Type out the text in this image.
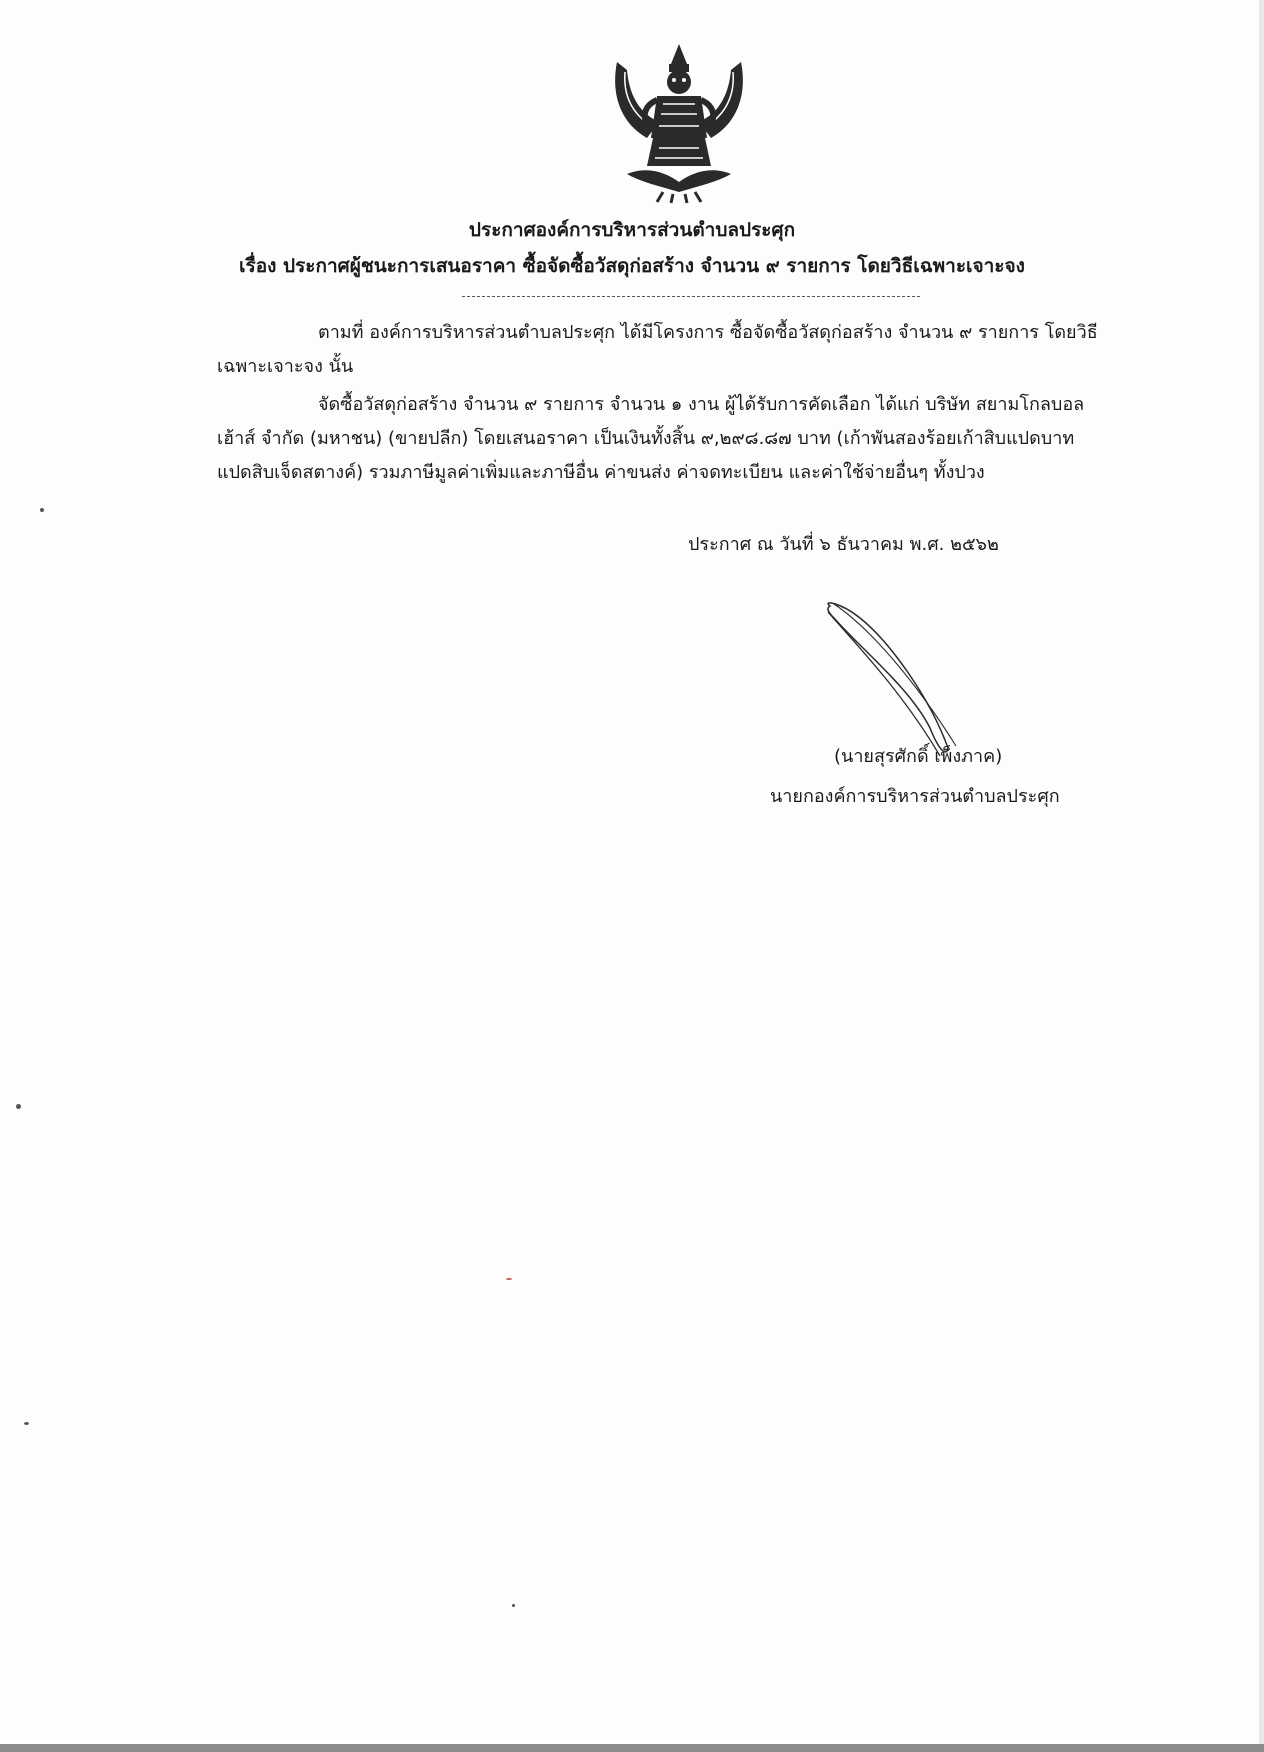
ประกาศองค์การบริหารส่วนตำบลประศุก
เรื่อง ประกาศผู้ชนะการเสนอราคา ซื้อจัดซื้อวัสดุก่อสร้าง จำนวน ๙ รายการ โดยวิธีเฉพาะเจาะจง
ตามที่ องค์การบริหารส่วนตำบลประศุก ได้มีโครงการ ซื้อจัดซื้อวัสดุก่อสร้าง จำนวน ๙ รายการ โดยวิธี
เฉพาะเจาะจง นั้น
จัดซื้อวัสดุก่อสร้าง จำนวน ๙ รายการ จำนวน ๑ งาน ผู้ได้รับการคัดเลือก ได้แก่ บริษัท สยามโกลบอล
เฮ้าส์ จำกัด (มหาชน) (ขายปลีก) โดยเสนอราคา เป็นเงินทั้งสิ้น ๙,๒๙๘.๘๗ บาท (เก้าพันสองร้อยเก้าสิบแปดบาท
แปดสิบเจ็ดสตางค์) รวมภาษีมูลค่าเพิ่มและภาษีอื่น ค่าขนส่ง ค่าจดทะเบียน และค่าใช้จ่ายอื่นๆ ทั้งปวง
ประกาศ ณ วันที่ ๖ ธันวาคม พ.ศ. ๒๕๖๒
(นายสุรศักดิ์ เพ็งภาค)
นายกองค์การบริหารส่วนตำบลประศุก
